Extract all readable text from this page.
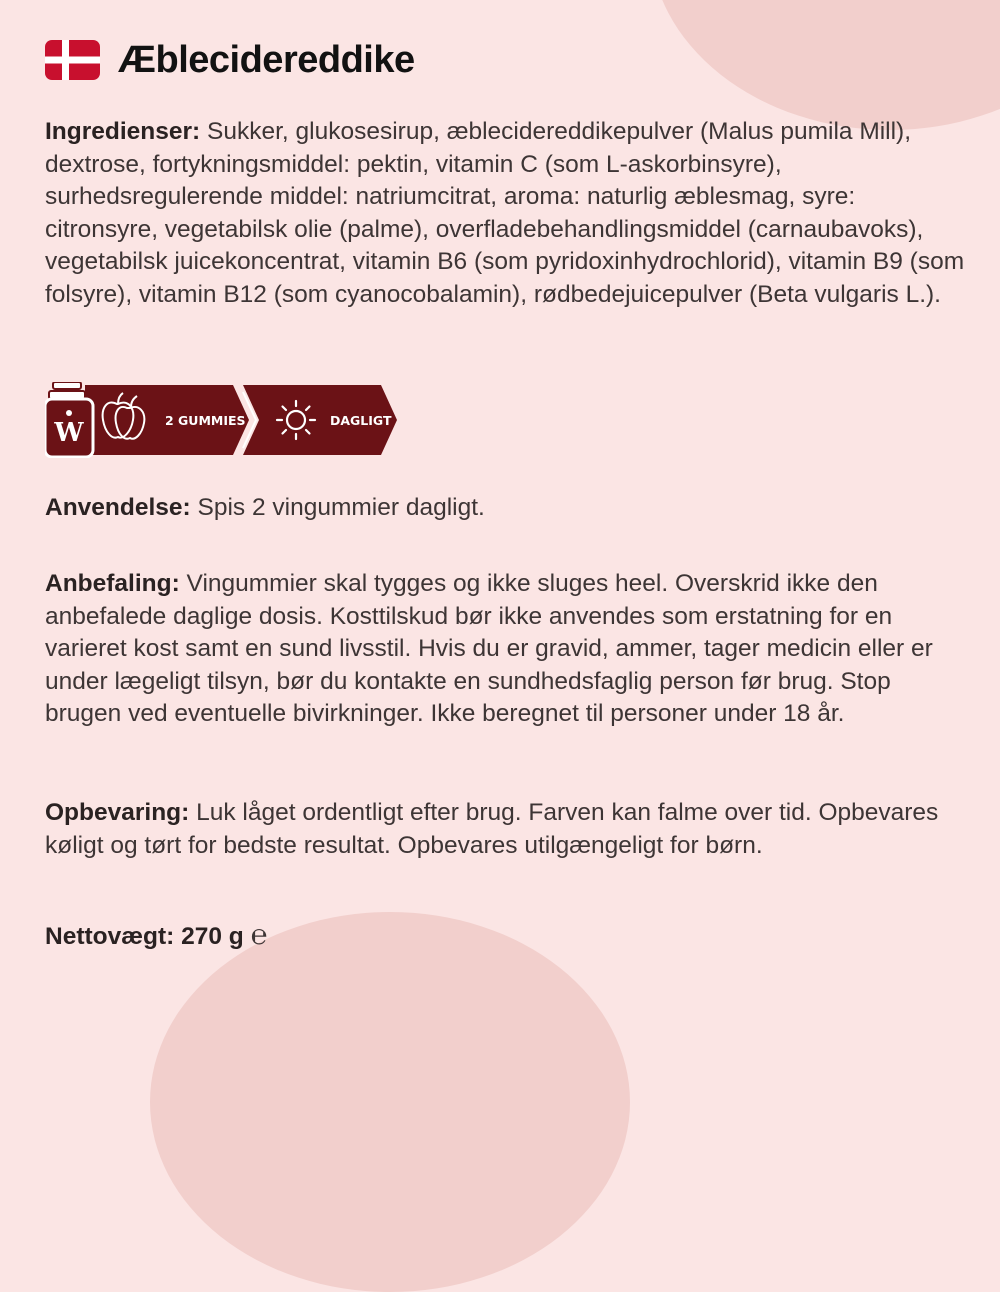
Æblecidereddike
Ingredienser: Sukker, glukosesirup, æblecidereddikepulver (Malus pumila Mill), dextrose, fortykningsmiddel: pektin, vitamin C (som L-askorbinsyre), surhedsregulerende middel: natriumcitrat, aroma: naturlig æblesmag, syre: citronsyre, vegetabilsk olie (palme), overfladebehandlingsmiddel (carnaubavoks), vegetabilsk juicekoncentrat, vitamin B6 (som pyridoxinhydrochlorid), vitamin B9 (som folsyre), vitamin B12 (som cyanocobalamin), rødbedejuicepulver (Beta vulgaris L.).
W	2 GUMMIES	DAGLIGT
Anvendelse: Spis 2 vingummier dagligt.
Anbefaling: Vingummier skal tygges og ikke sluges heel. Overskrid ikke den anbefalede daglige dosis. Kosttilskud bør ikke anvendes som erstatning for en varieret kost samt en sund livsstil. Hvis du er gravid, ammer, tager medicin eller er under lægeligt tilsyn, bør du kontakte en sundhedsfaglig person før brug. Stop brugen ved eventuelle bivirkninger. Ikke beregnet til personer under 18 år.
Opbevaring: Luk låget ordentligt efter brug. Farven kan falme over tid. Opbevares køligt og tørt for bedste resultat. Opbevares utilgængeligt for børn.
Nettovægt: 270 g ℮
